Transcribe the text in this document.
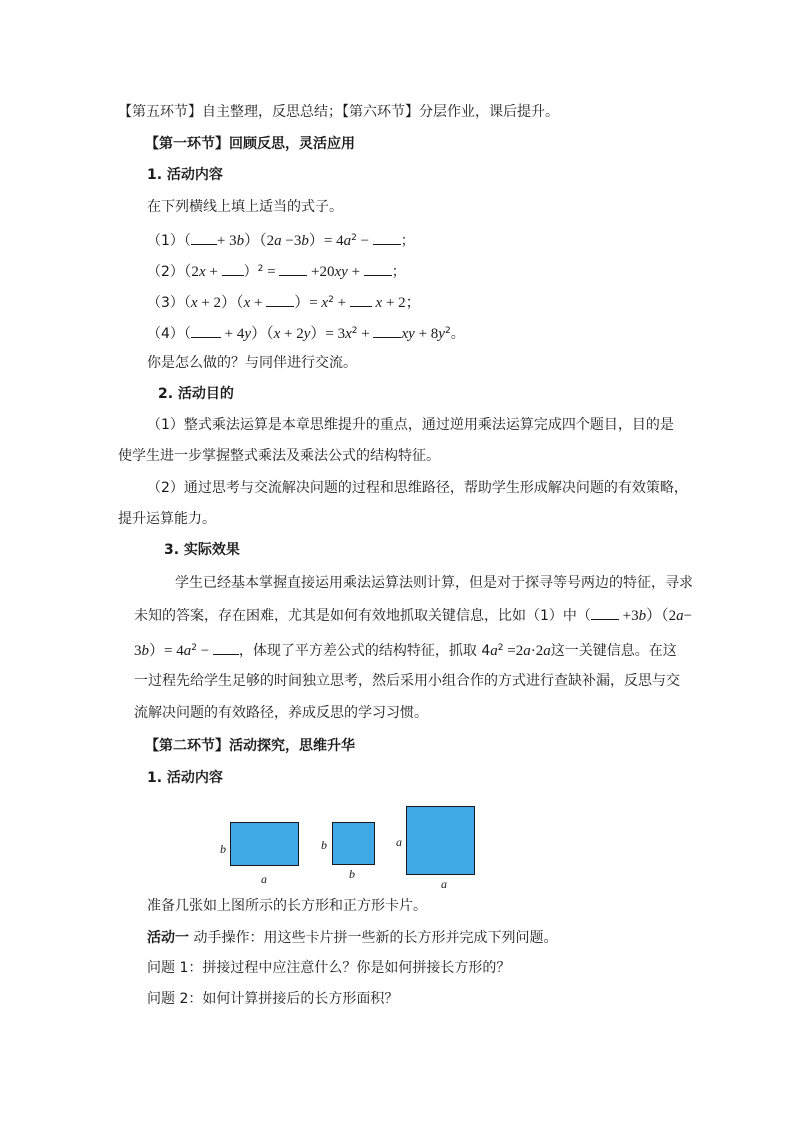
【第五环节】自主整理，反思总结；【第六环节】分层作业，课后提升。
【第一环节】回顾反思，灵活应用
1. 活动内容
在下列横线上填上适当的式子。
$(1)( + 3b)(2a -3b)= 4a^2$ − ；
$(2)(2x + )^2 = +20xy$ + ；
（3）（x + 2）（x + ）= $x^2 + x + 2$；
$(4)( + 4y)(x + 2y)= 3x^2$ + xy + $8y^2$。
你是怎么做的？与同伴进行交流。
2. 活动目的
（1）整式乘法运算是本章思维提升的重点，通过逆用乘法运算完成四个题目，目的是
使学生进一步掌握整式乘法及乘法公式的结构特征。
（2）通过思考与交流解决问题的过程和思维路径，帮助学生形成解决问题的有效策略，
提升运算能力。
3. 实际效果
学生已经基本掌握直接运用乘法运算法则计算，但是对于探寻等号两边的特征，寻求
未知的答案，存在困难，尤其是如何有效地抓取关键信息，比如（1）中（ +3b）（2a−
$3b)= 4a^2$ − ，体现了平方差公式的结构特征，抓取 $4a^2 =2a\cdot 2a$这一关键信息。在这
一过程先给学生足够的时间独立思考，然后采用小组合作的方式进行查缺补漏，反思与交
流解决问题的有效路径，养成反思的学习习惯。
【第二环节】活动探究，思维升华
1. 活动内容
b
a
b
b
a
a
准备几张如上图所示的长方形和正方形卡片。
活动一 动手操作：用这些卡片拼一些新的长方形并完成下列问题。
问题 1：拼接过程中应注意什么？你是如何拼接长方形的？
问题 2：如何计算拼接后的长方形面积？
